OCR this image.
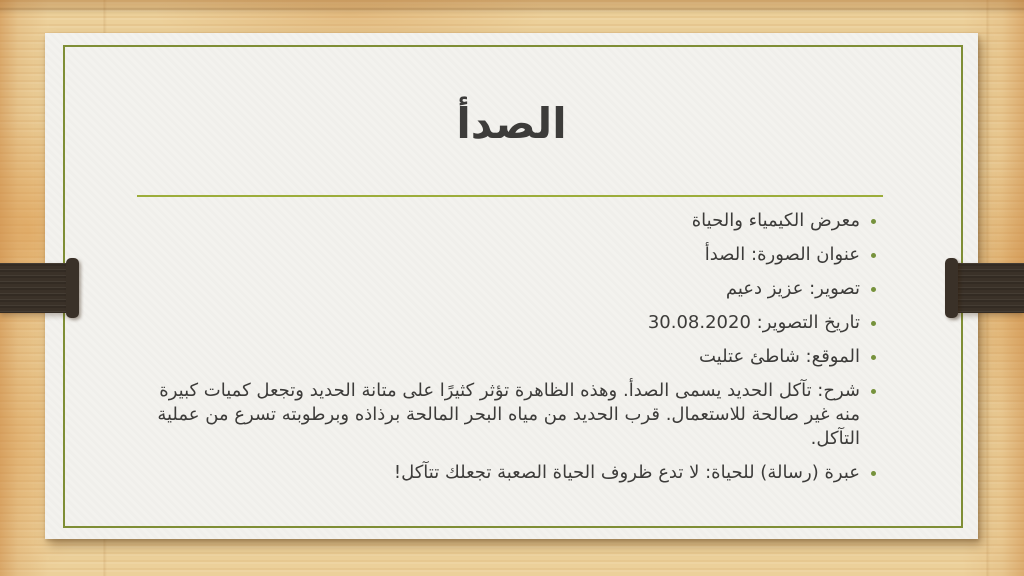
الصدأ
• معرض الكيمياء والحياة
• عنوان الصورة: الصدأ
• تصوير: عزيز دعيم
• تاريخ التصوير: 30.08.2020
• الموقع: شاطئ عتليت
• شرح: تآكل الحديد يسمى الصدأ. وهذه الظاهرة تؤثر كثيرًا على متانة الحديد وتجعل كميات كبيرة منه غير صالحة للاستعمال. قرب الحديد من مياه البحر المالحة برذاذه وبرطوبته تسرع من عملية التآكل.
• عبرة (رسالة) للحياة: لا تدع ظروف الحياة الصعبة تجعلك تتآكل!
